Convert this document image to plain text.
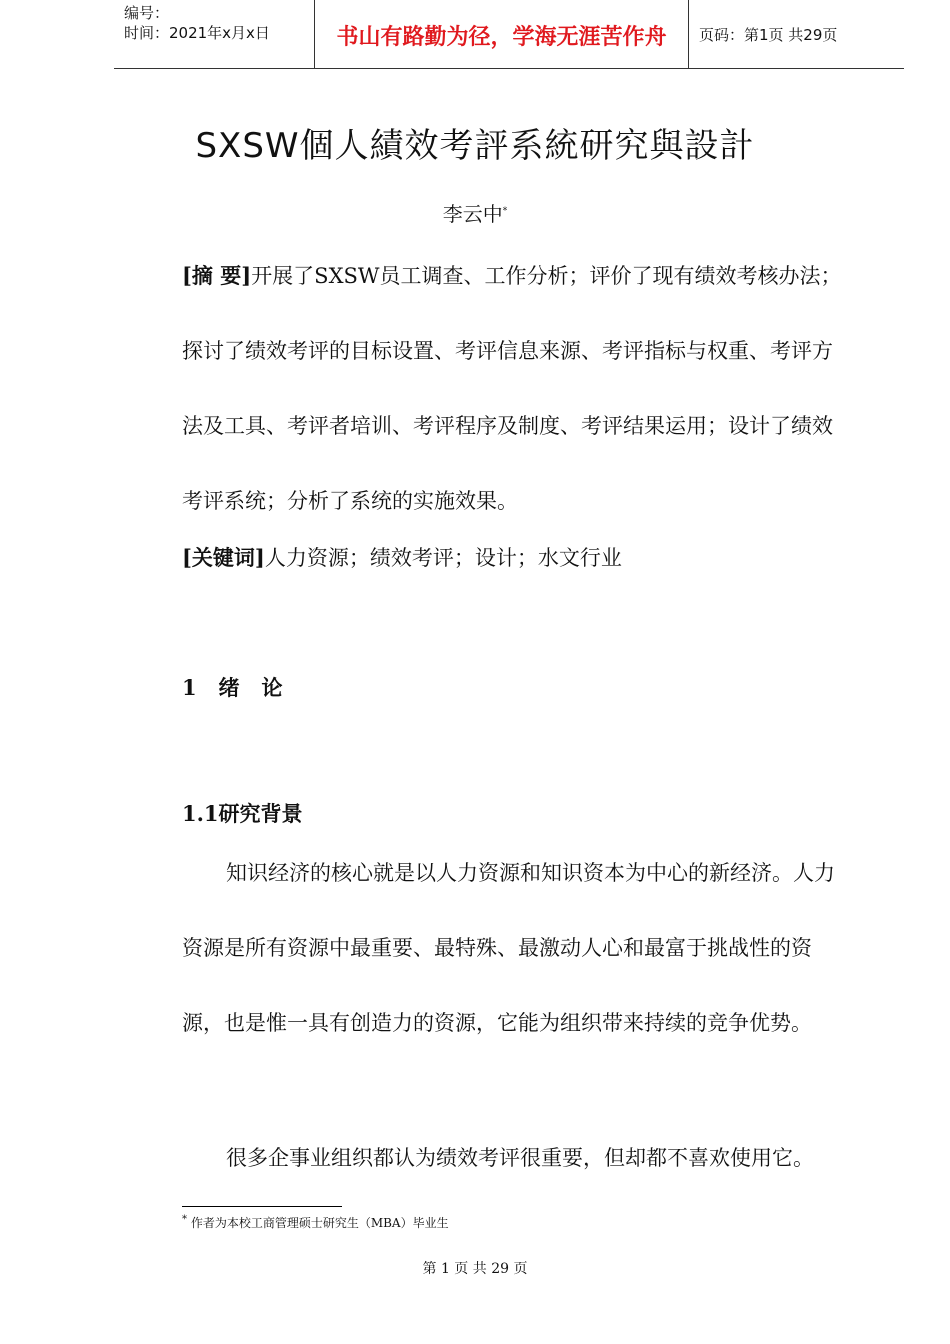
编号：
时间：2021年x月x日	书山有路勤为径，学海无涯苦作舟	页码：第1页 共29页
SXSW個人績效考評系統研究與設計
李云中*

[摘 要]开展了SXSW员工调查、工作分析；评价了现有绩效考核办法；探讨了绩效考评的目标设置、考评信息来源、考评指标与权重、考评方法及工具、考评者培训、考评程序及制度、考评结果运用；设计了绩效考评系统；分析了系统的实施效果。

[关键词]人力资源；绩效考评；设计；水文行业
1   绪   论
1.1研究背景

知识经济的核心就是以人力资源和知识资本为中心的新经济。人力资源是所有资源中最重要、最特殊、最激动人心和最富于挑战性的资源，也是惟一具有创造力的资源，它能为组织带来持续的竞争优势。

很多企事业组织都认为绩效考评很重要，但却都不喜欢使用它。

* 作者为本校工商管理硕士研究生（MBA）毕业生
第 1 页 共 29 页
